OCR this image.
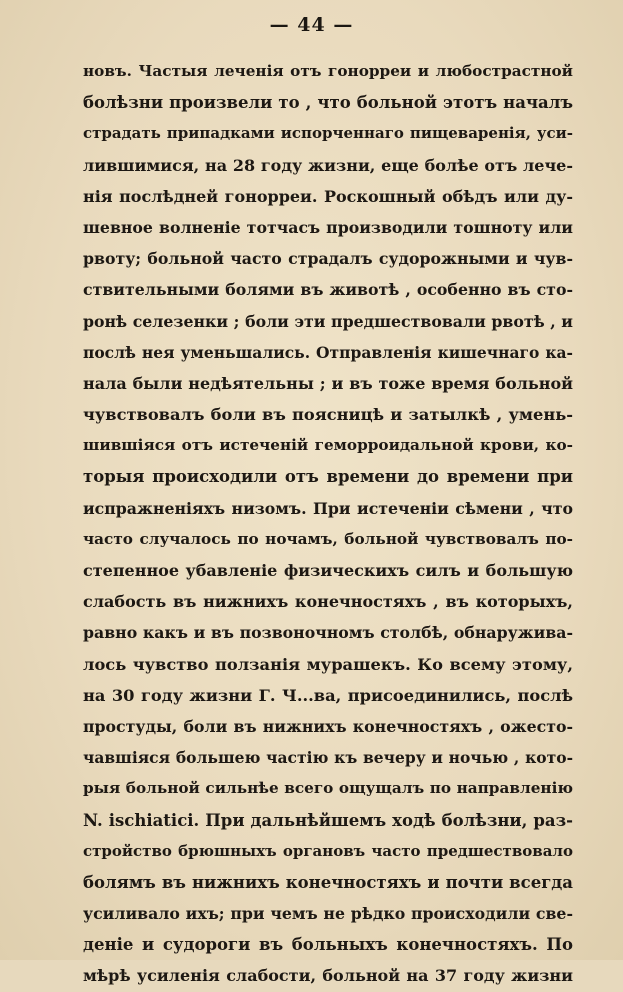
— 44 —
новъ. Частыя леченія отъ гонорреи и любострастной
болѣзни произвели то , что больной этотъ началъ
страдать припадками испорченнаго пищеваренія, уси-
лившимися, на 28 году жизни, еще болѣе отъ лече-
нія послѣдней гонорреи. Роскошный обѣдъ или ду-
шевное волненіе тотчасъ производили тошноту или
рвоту; больной часто страдалъ судорожными и чув-
ствительными болями въ животѣ , особенно въ сто-
ронѣ селезенки ; боли эти предшествовали рвотѣ , и
послѣ нея уменьшались. Отправленія кишечнаго ка-
нала были недѣятельны ; и въ тоже время больной
чувствовалъ боли въ поясницѣ и затылкѣ , умень-
шившіяся отъ истеченій геморроидальной крови, ко-
торыя происходили отъ времени до времени при
испражненіяхъ низомъ. При истеченіи сѣмени , что
часто случалось по ночамъ, больной чувствовалъ по-
степенное убавленіе физическихъ силъ и большую
слабость въ нижнихъ конечностяхъ , въ которыхъ,
равно какъ и въ позвоночномъ столбѣ, обнаружива-
лось чувство ползанія мурашекъ. Ко всему этому,
на 30 году жизни Г. Ч...ва, присоединились, послѣ
простуды, боли въ нижнихъ конечностяхъ , ожесто-
чавшіяся большею частію къ вечеру и ночью , кото-
рыя больной сильнѣе всего ощущалъ по направленію
N. ischiatici. При дальнѣйшемъ ходѣ болѣзни, раз-
стройство брюшныхъ органовъ часто предшествовало
болямъ въ нижнихъ конечностяхъ и почти всегда
усиливало ихъ; при чемъ не рѣдко происходили све-
деніе и судороги въ больныхъ конечностяхъ. По
мѣрѣ усиленія слабости, больной на 37 году жизни
